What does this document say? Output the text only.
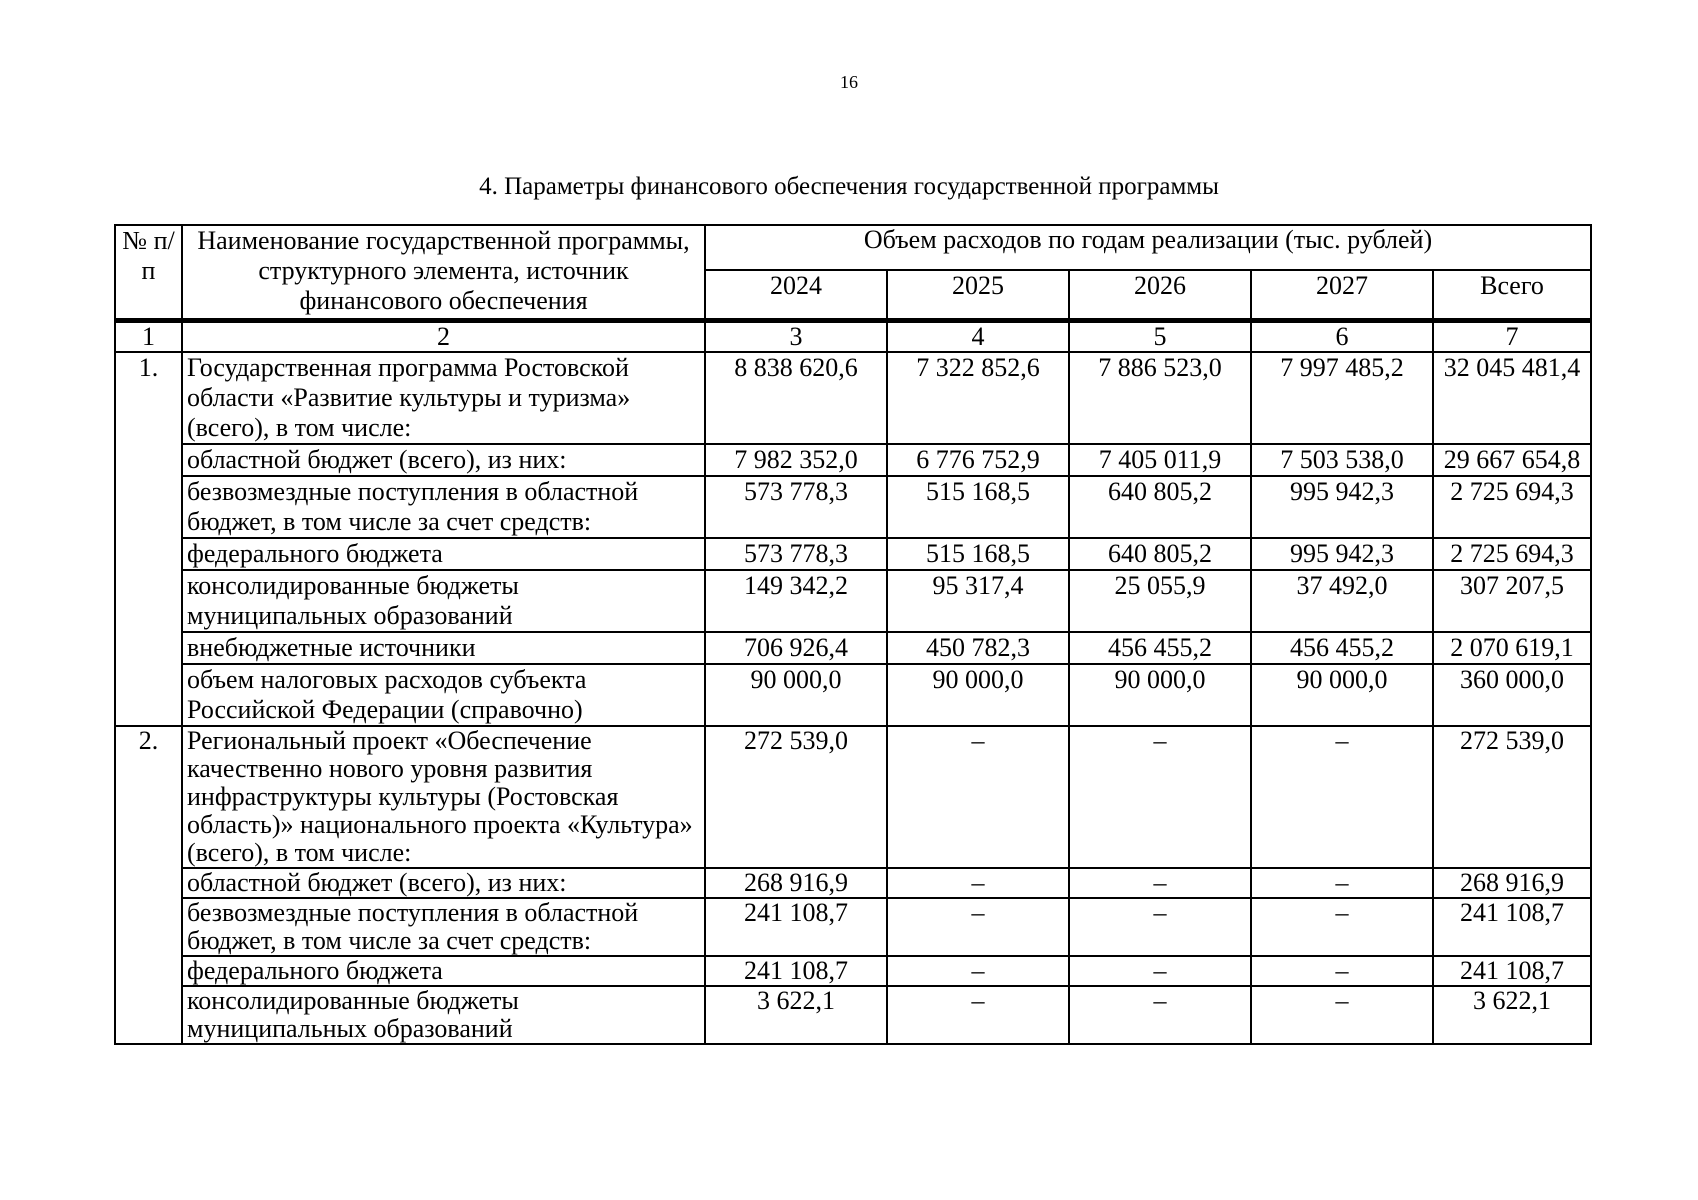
16
4. Параметры финансового обеспечения государственной программы
№ п/п	Наименование государственной программы, структурного элемента, источник финансового обеспечения	Объем расходов по годам реализации (тыс. рублей)				
		2024	2025	2026	2027	Всего
1	2	3	4	5	6	7
1.	Государственная программа Ростовской области «Развитие культуры и туризма» (всего), в том числе:	8 838 620,6	7 322 852,6	7 886 523,0	7 997 485,2	32 045 481,4
	областной бюджет (всего), из них:	7 982 352,0	6 776 752,9	7 405 011,9	7 503 538,0	29 667 654,8
	безвозмездные поступления в областной бюджет, в том числе за счет средств:	573 778,3	515 168,5	640 805,2	995 942,3	2 725 694,3
	федерального бюджета	573 778,3	515 168,5	640 805,2	995 942,3	2 725 694,3
	консолидированные бюджеты муниципальных образований	149 342,2	95 317,4	25 055,9	37 492,0	307 207,5
	внебюджетные источники	706 926,4	450 782,3	456 455,2	456 455,2	2 070 619,1
	объем налоговых расходов субъекта Российской Федерации (справочно)	90 000,0	90 000,0	90 000,0	90 000,0	360 000,0
2.	Региональный проект «Обеспечение качественно нового уровня развития инфраструктуры культуры (Ростовская область)» национального проекта «Культура» (всего), в том числе:	272 539,0	–	–	–	272 539,0
	областной бюджет (всего), из них:	268 916,9	–	–	–	268 916,9
	безвозмездные поступления в областной бюджет, в том числе за счет средств:	241 108,7	–	–	–	241 108,7
	федерального бюджета	241 108,7	–	–	–	241 108,7
	консолидированные бюджеты муниципальных образований	3 622,1	–	–	–	3 622,1
